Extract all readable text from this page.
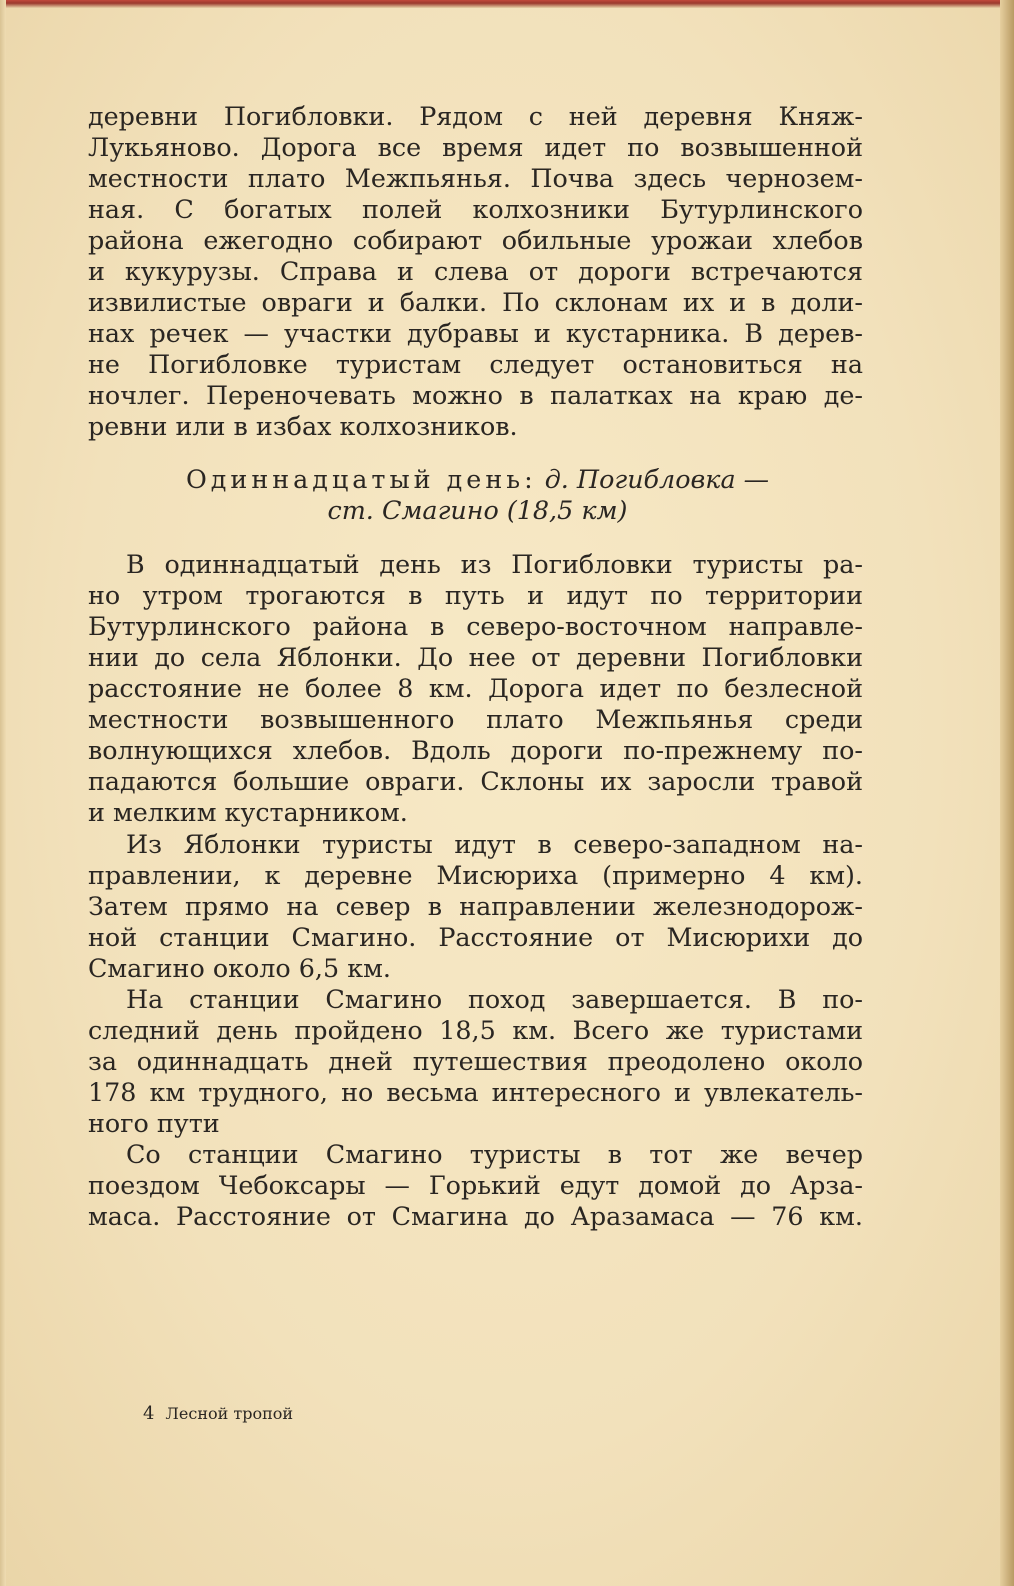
деревни Погибловки. Рядом с ней деревня Княж-
Лукьяново. Дорога все время идет по возвышенной
местности плато Межпьянья. Почва здесь чернозем-
ная. С богатых полей колхозники Бутурлинского
района ежегодно собирают обильные урожаи хлебов
и кукурузы. Справа и слева от дороги встречаются
извилистые овраги и балки. По склонам их и в доли-
нах речек — участки дубравы и кустарника. В дерев-
не Погибловке туристам следует остановиться на
ночлег. Переночевать можно в палатках на краю де-
ревни или в избах колхозников.
Одиннадцатый день: д. Погибловка —
ст. Смагино (18,5 км)
В одиннадцатый день из Погибловки туристы ра-
но утром трогаются в путь и идут по территории
Бутурлинского района в северо-восточном направле-
нии до села Яблонки. До нее от деревни Погибловки
расстояние не более 8 км. Дорога идет по безлесной
местности возвышенного плато Межпьянья среди
волнующихся хлебов. Вдоль дороги по-прежнему по-
падаются большие овраги. Склоны их заросли травой
и мелким кустарником.
Из Яблонки туристы идут в северо-западном на-
правлении, к деревне Мисюриха (примерно 4 км).
Затем прямо на север в направлении железнодорож-
ной станции Смагино. Расстояние от Мисюрихи до
Смагино около 6,5 км.
На станции Смагино поход завершается. В по-
следний день пройдено 18,5 км. Всего же туристами
за одиннадцать дней путешествия преодолено около
178 км трудного, но весьма интересного и увлекатель-
ного пути
Со станции Смагино туристы в тот же вечер
поездом Чебоксары — Горький едут домой до Арза-
маса. Расстояние от Смагина до Аразамаса — 76 км.
4 Лесной тропой
